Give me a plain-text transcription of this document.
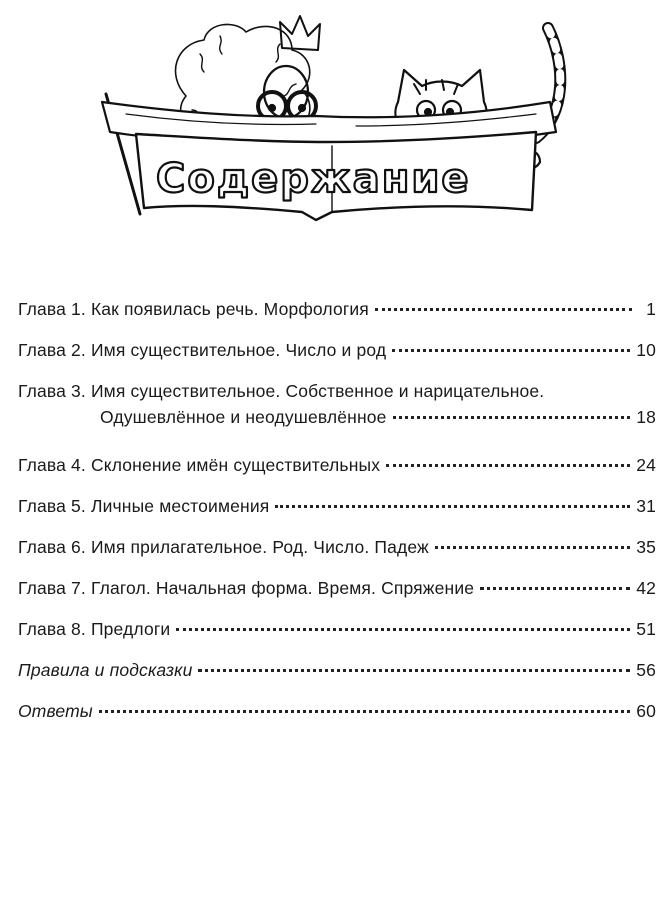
Содержание
Глава 1. Как появилась речь. Морфология	1
Глава 2. Имя существительное. Число и род	10
Глава 3. Имя существительное. Собственное и нарицательное.
Одушевлённое и неодушевлённое	18
Глава 4. Склонение имён существительных	24
Глава 5. Личные местоимения	31
Глава 6. Имя прилагательное. Род. Число. Падеж	35
Глава 7. Глагол. Начальная форма. Время. Спряжение	42
Глава 8. Предлоги	51
Правила и подсказки	56
Ответы	60
